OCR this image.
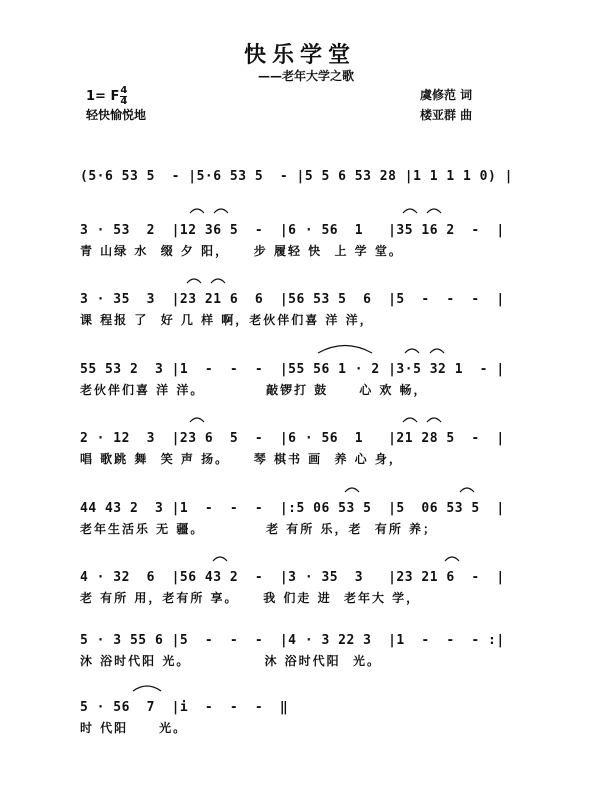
快乐学堂
——老年大学之歌
1= F $\frac{4}{4}$
轻快愉悦地
虞修范 词
楼亚群 曲
(5·6 53 5  - |5·6 53 5  - |5 5 6 53 28 |1 1 1 1 0) |
3 · 53  2  |12 36 5  -  |6 · 56  1   |35 16 2  -  |
青 山绿 水  缀 夕 阳，    步 履轻 快  上 学 堂。
3 · 35  3  |23 21 6  6  |56 53 5  6  |5  -  -  -  |
课 程报 了  好 几 样 啊，老伙伴们喜 洋 洋，
55 53 2  3 |1  -  -  -  |55 56 1 · 2 |3·5 32 1  - |
老伙伴们喜 洋 洋。          敲锣打 鼓     心 欢 畅，
2 · 12  3  |23 6  5  -  |6 · 56  1   |21 28 5  -  |
唱 歌跳 舞  笑 声 扬。    琴 棋书 画  养 心 身，
44 43 2  3 |1  -  -  -  |:5 06 53 5  |5  06 53 5  |
老年生活乐 无 疆。          老 有所 乐，老  有所 养；
4 · 32  6  |56 43 2  -  |3 · 35  3   |23 21 6  -  |
老 有所 用，老有所 享。    我 们走 进  老年大 学，
5 · 3 55 6 |5  -  -  -  |4 · 3 22 3  |1  -  -  - :|
沐 浴时代阳 光。            沐 浴时代阳  光。
5 · 56  7  |i  -  -  -  ‖
时 代阳     光。
